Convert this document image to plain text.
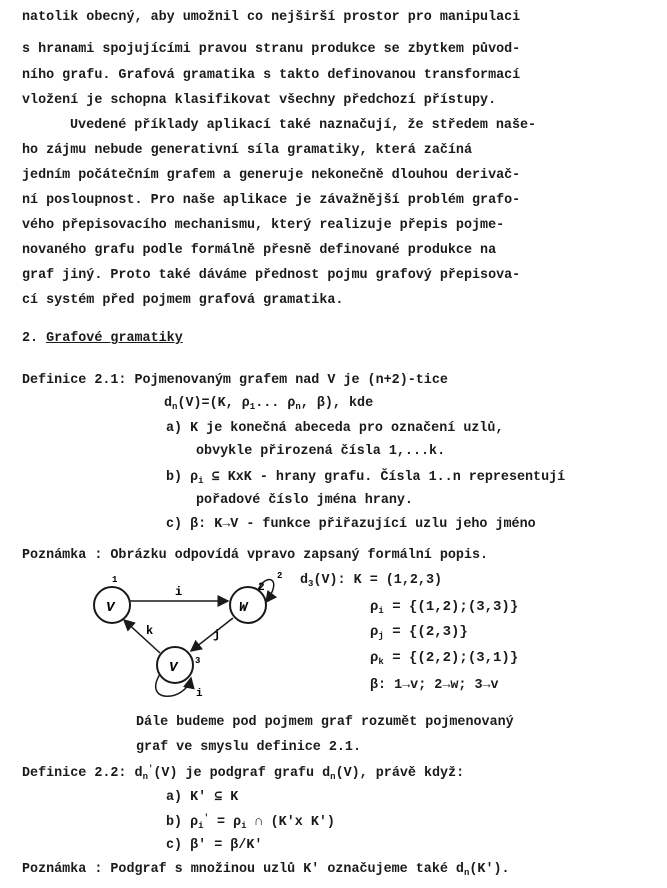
natolik obecný, aby umožnil co nejširší prostor pro manipulaci
s hranami spojujícími pravou stranu produkce se zbytkem původ-
ního grafu. Grafová gramatika s takto definovanou transformací
vložení je schopna klasifikovat všechny předchozí přístupy.
Uvedené příklady aplikací také naznačují, že středem naše-
ho zájmu nebude generativní síla gramatiky, která začíná
jedním počátečním grafem a generuje nekonečně dlouhou derivač-
ní posloupnost. Pro naše aplikace je závažnější problém grafo-
vého přepisovacího mechanismu, který realizuje přepis pojme-
novaného grafu podle formálně přesně definované produkce na
graf jiný. Proto také dáváme přednost pojmu grafový přepisova-
cí systém před pojmem grafová gramatika.
2. Grafové gramatiky
Definice 2.1: Pojmenovaným grafem nad V je (n+2)-tice
$d_n(V)=(K$, $\rho_1$... $\rho_n$, β), kde
a) K je konečná abeceda pro označení uzlů,
obvykle přirozená čísla 1,...k.
b) $\rho_i$ ⊆ KxK - hrany grafu. Čísla 1..n representují
pořadové číslo jména hrany.
c) β: K→V - funkce přiřazující uzlu jeho jméno
Poznámka : Obrázku odpovídá vpravo zapsaný formální popis.
V	W
V
i
j
k
2
i
1	2
3
$d_3(V)$: K = (1,2,3)
$\rho_i$ = {(1,2);(3,3)}
$\rho_j = \{(2,3)\}$
$\rho_k$ = {(2,2);(3,1)}
β: 1→v; 2→w; 3→v
Dále budeme pod pojmem graf rozumět pojmenovaný
graf ve smyslu definice 2.1.
Definice 2.2: $d_n'(V)$ je podgraf grafu $d_n(V)$, právě když:
a) K' ⊆ K
b) $\rho_i' = \rho_i$ ∩ (K'x K')
c) β' = β/K'
Poznámka : Podgraf s množinou uzlů K' označujeme také $d_n(K')$.
